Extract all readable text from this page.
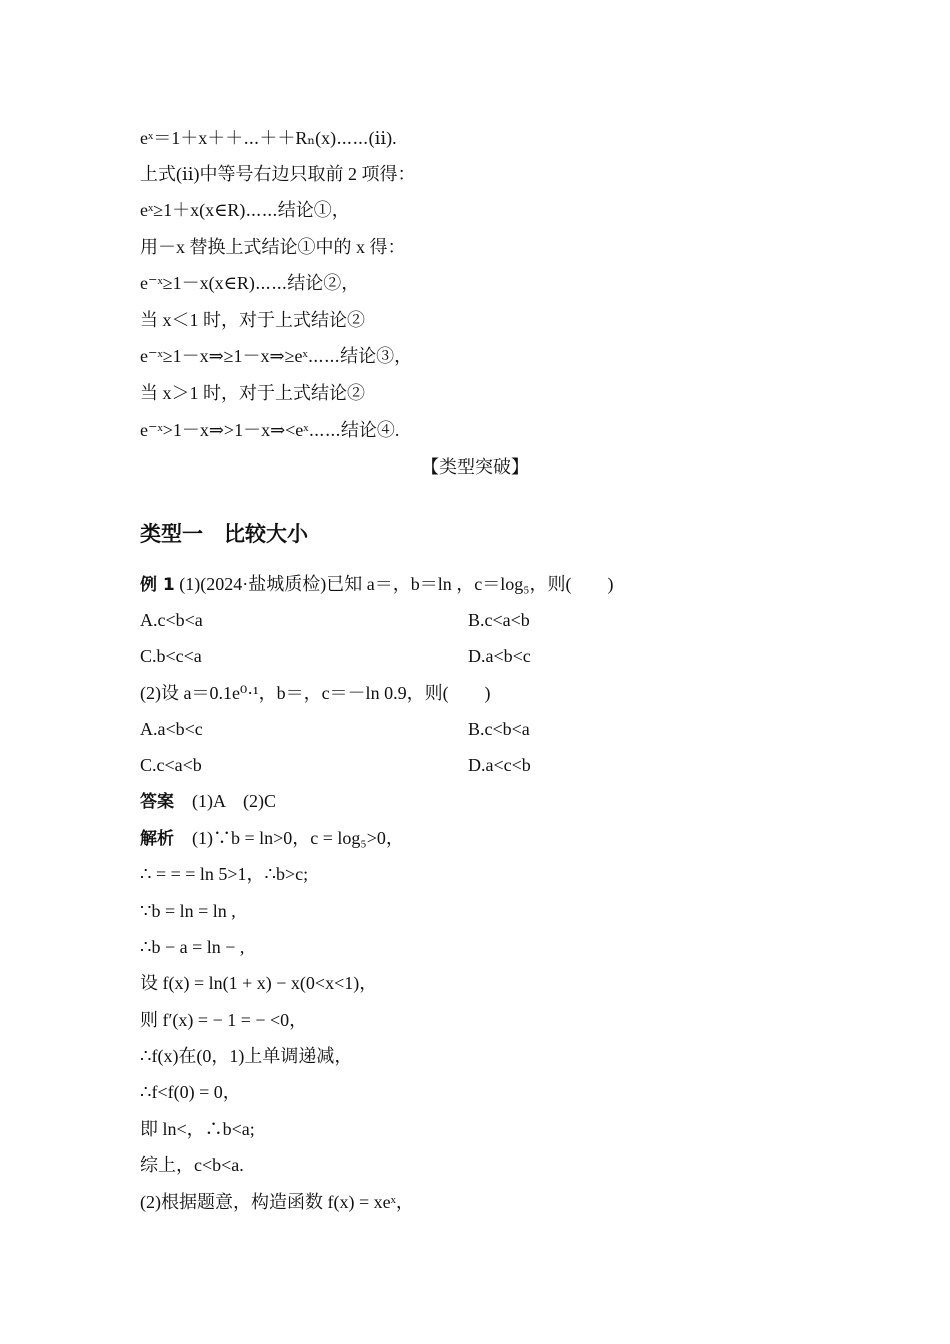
eˣ＝1＋x＋＋⋯＋＋Rₙ(x)⋯⋯(ⅱ).
上式(ⅱ)中等号右边只取前 2 项得：
eˣ≥1＋x(x∈R)⋯⋯结论①，
用－x 替换上式结论①中的 x 得：
e⁻ˣ≥1－x(x∈R)⋯⋯结论②，
当 x＜1 时，对于上式结论②
e⁻ˣ≥1－x⇒≥1－x⇒≥eˣ⋯⋯结论③，
当 x＞1 时，对于上式结论②
e⁻ˣ>1－x⇒>1－x⇒<eˣ⋯⋯结论④.
【类型突破】
类型一　比较大小
例 1 (1)(2024·盐城质检)已知 a＝，b＝ln ，c＝log₅，则(　　)
A.c<b<a	B.c<a<b
C.b<c<a	D.a<b<c
(2)设 a＝0.1e⁰·¹，b＝，c＝－ln 0.9，则(　　)
A.a<b<c	B.c<b<a
C.c<a<b	D.a<c<b
答案　(1)A　(2)C
解析　(1)∵b = ln>0，c = log₅>0，
∴ = = = ln 5>1，∴b>c;
∵b = ln = ln ,
∴b − a = ln − ,
设 f(x) = ln(1 + x) − x(0<x<1)，
则 f′(x) = − 1 = − <0，
∴f(x)在(0，1)上单调递减，
∴f<f(0) = 0，
即 ln<，∴b<a;
综上，c<b<a.
(2)根据题意，构造函数 f(x) = xeˣ，
